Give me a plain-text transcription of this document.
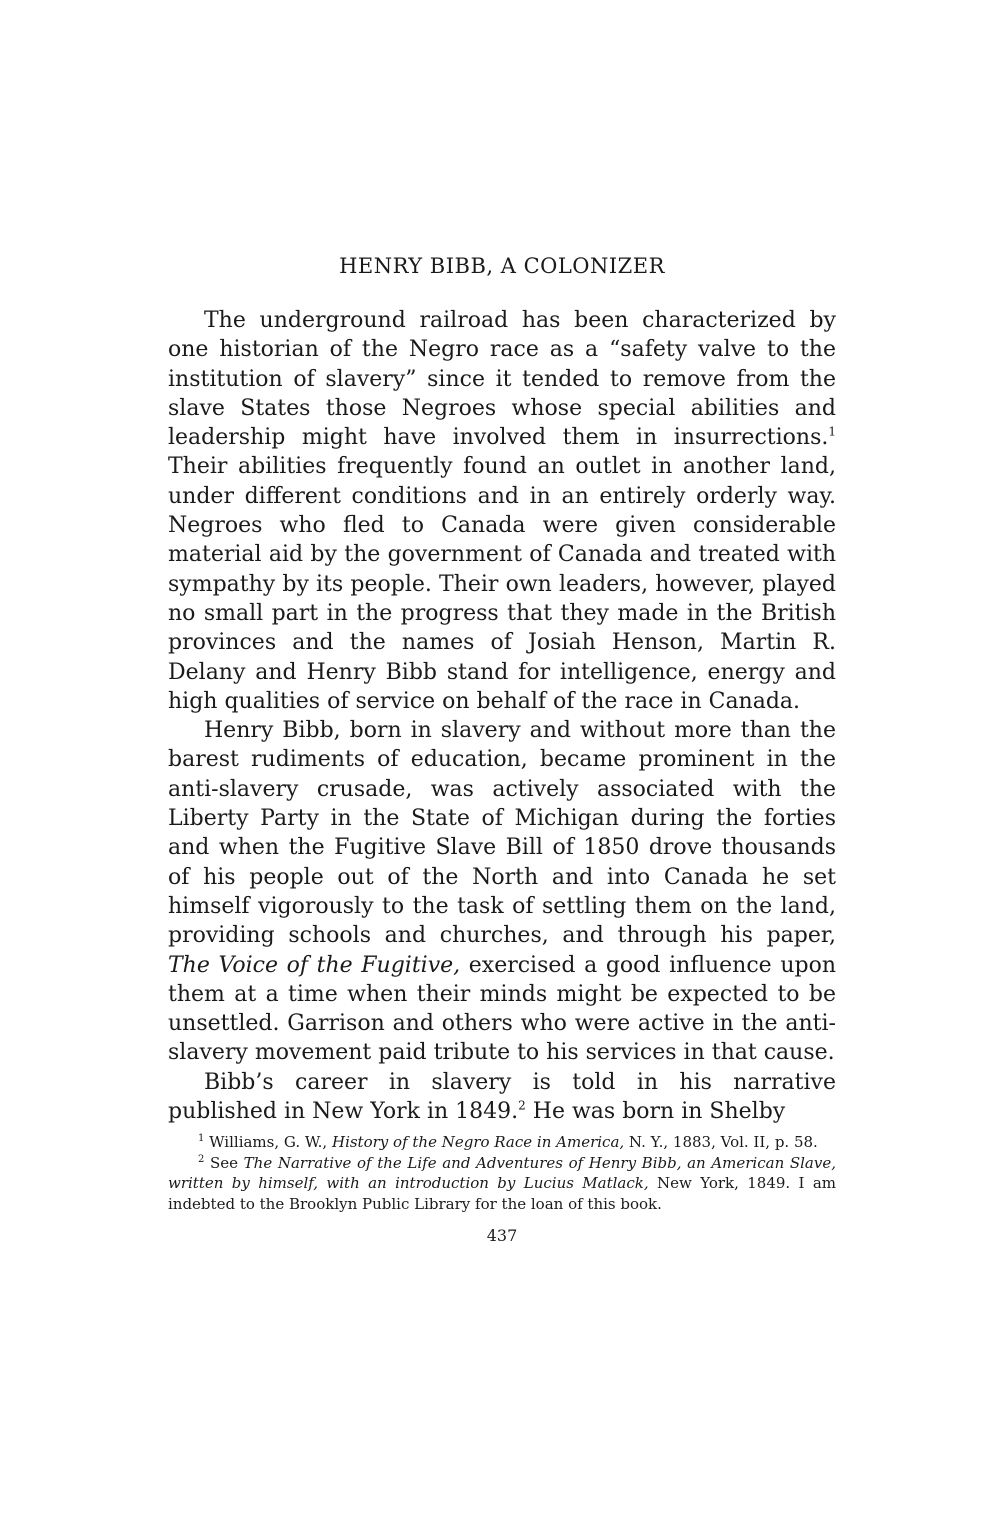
HENRY BIBB, A COLONIZER

The underground railroad has been characterized by one historian of the Negro race as a “safety valve to the institution of slavery” since it tended to remove from the slave States those Negroes whose special abilities and leadership might have involved them in insurrections.$^1$ Their abilities frequently found an outlet in another land, under different conditions and in an entirely orderly way. Negroes who fled to Canada were given considerable material aid by the government of Canada and treated with sympathy by its people. Their own leaders, however, played no small part in the progress that they made in the British provinces and the names of Josiah Henson, Martin R. Delany and Henry Bibb stand for intelligence, energy and high qualities of service on behalf of the race in Canada.

Henry Bibb, born in slavery and without more than the barest rudiments of education, became prominent in the anti-slavery crusade, was actively associated with the Liberty Party in the State of Michigan during the forties and when the Fugitive Slave Bill of 1850 drove thousands of his people out of the North and into Canada he set himself vigorously to the task of settling them on the land, providing schools and churches, and through his paper, The Voice of the Fugitive, exercised a good influence upon them at a time when their minds might be expected to be unsettled. Garrison and others who were active in the anti-slavery movement paid tribute to his services in that cause.

Bibb’s career in slavery is told in his narrative published in New York in 1849.$^2$ He was born in Shelby

$^1$ Williams, G. W., History of the Negro Race in America, N. Y., 1883, Vol. II, p. 58.

$^2$ See The Narrative of the Life and Adventures of Henry Bibb, an American Slave, written by himself, with an introduction by Lucius Matlack, New York, 1849. I am indebted to the Brooklyn Public Library for the loan of this book.

437
